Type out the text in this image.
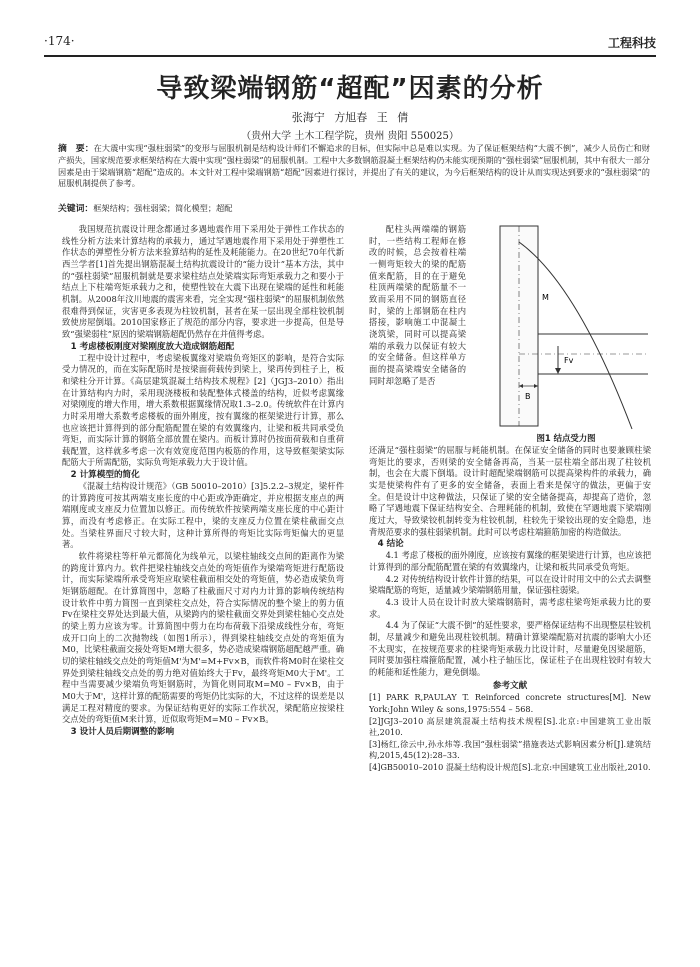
·174·	工程科技
导致梁端钢筋“超配”因素的分析
张海宁 方旭春 王 倩
（贵州大学 土木工程学院，贵州 贵阳 550025）
摘　要：在大震中实现“强柱弱梁”的变形与屈服机制是结构设计师们不懈追求的目标，但实际中总是难以实现。为了保证框架结构“大震不倒”，减少人员伤亡和财产损失，国家规范要求框架结构在大震中实现“强柱弱梁”的屈服机制。工程中大多数钢筋混凝土框架结构仍未能实现预期的“强柱弱梁”屈服机制，其中有很大一部分因素是由于梁端钢筋“超配”造成的。本文针对工程中梁端钢筋“超配”因素进行探讨，并提出了有关的建议，为今后框架结构的设计从而实现达到要求的“强柱弱梁”的屈服机制提供了参考。
关键词：框架结构；强柱弱梁；简化模型；超配

我国规范抗震设计理念都通过多遇地震作用下采用处于弹性工作状态的线性分析方法来计算结构的承载力，通过罕遇地震作用下采用处于弹塑性工作状态的弹塑性分析方法来验算结构的延性及耗能能力。在20世纪70年代新西兰学者[1]首先提出钢筋混凝土结构抗震设计的“能力设计”基本方法，其中的“强柱弱梁”屈服机制就是要求梁柱结点处梁端实际弯矩承载力之和要小于结点上下柱端弯矩承载力之和，使塑性铰在大震下出现在梁端的延性和耗能机制。从2008年汶川地震的震害来看，完全实现“强柱弱梁”的屈服机制依然很难得到保证，灾害更多表现为柱铰机制，甚者在某一层出现全部柱铰机制致使房屋倒塌。2010国家修正了规范的部分内容，要求进一步提高，但是导致“强梁弱柱”原因的梁端钢筋超配仍然存在并值得考虑。

1 考虑楼板刚度对梁刚度放大造成钢筋超配

工程中设计过程中，考虑梁板翼缘对梁端负弯矩区的影响，是符合实际受力情况的，而在实际配筋时是按梁面荷载传到梁上，梁再传到柱子上，板和梁柱分开计算。《高层建筑混凝土结构技术规程》[2]（JGJ3–2010）指出在计算结构内力时，采用现浇楼板和装配整体式楼盖的结构，近似考虑翼缘对梁刚度的增大作用，增大系数根据翼缘情况取1.3–2.0。传统软件在计算内力时采用增大系数考虑楼板的面外刚度，按有翼缘的框架梁进行计算，那么也应该把计算得到的部分配筋配置在梁的有效翼缘内，让梁和板共同承受负弯矩，而实际计算的钢筋全部放置在梁内。而板计算时仍按面荷载和自重荷载配置，这样就多考虑一次有效宽度范围内板筋的作用，这导致框架梁实际配筋大于所需配筋，实际负弯矩承载力大于设计值。

2 计算模型的简化

《混凝土结构设计规范》（GB 50010–2010）[3]5.2.2–3规定，梁杆件的计算跨度可按其两端支座长度的中心距或净距确定，并应根据支座点的两端刚度或支座反力位置加以修正。而传统软件按梁两端支座长度的中心距计算，而没有考虑修正。在实际工程中，梁的支座反力位置在梁柱截面交点处。当梁柱界面尺寸较大时，这种计算所得的弯矩比实际弯矩偏大的更显著。

软件将梁柱等杆单元都简化为线单元，以梁柱轴线交点间的距离作为梁的跨度计算内力。软件把梁柱轴线交点处的弯矩值作为梁端弯矩进行配筋设计，而实际梁端所承受弯矩应取梁柱截面相交处的弯矩值，势必造成梁负弯矩钢筋超配。在计算简图中，忽略了柱截面尺寸对内力计算的影响传统结构设计软件中剪力简图一直到梁柱交点处，符合实际情况的整个梁上的剪力值Fv在梁柱交界处达到最大值，从梁跨内的梁柱截面交界处到梁柱轴心交点处的梁上剪力应该为零。计算简图中剪力在均布荷载下沿梁成线性分布，弯矩成开口向上的二次抛物线（如图1所示），得到梁柱轴线交点处的弯矩值为M0，比梁柱截面交接处弯矩M增大很多，势必造成梁端钢筋超配越严重。确切的梁柱轴线交点处的弯矩值M'为M'=M+Fv×B，而软件将M0时在梁柱交界处到梁柱轴线交点处的剪力绝对值始终大于Fv，最终弯矩M0大于M'。工程中当需要减少梁端负弯矩钢筋时，为简化则同取M=M0 – Fv×B，由于M0大于M'，这样计算的配筋需要的弯矩仍比实际的大，不过这样的误差是以满足工程对精度的要求。为保证结构更好的实际工作状况，梁配筋应按梁柱交点处的弯矩值M来计算，近似取弯矩M=M0 – Fv×B。

3 设计人员后期调整的影响

配柱头两端端的钢筋时，一些结构工程师在修改的时候，总会按着柱端一侧弯矩较大的梁的配筋值来配筋，目的在于避免柱顶两端梁的配筋量不一致而采用不同的钢筋直径时，梁的上部钢筋在柱内搭接，影响施工中混凝土浇筑梁，同时可以提高梁端的承载力以保证有较大的安全储备。但这样单方面的提高梁端安全储备的同时却忽略了是否

Fv
M
B
图1 结点受力图

还满足“强柱弱梁”的屈服与耗能机制。在保证安全储备的同时也要兼顾柱梁弯矩比的要求，否则梁的安全储备再高，当某一层柱端全部出现了柱铰机制，也会在大震下倒塌。设计时超配梁端钢筋可以提高梁构件的承载力，确实是使梁构件有了更多的安全储备，表面上看来是保守的做法，更偏于安全。但是设计中这种做法，只保证了梁的安全储备提高，却提高了造价，忽略了罕遇地震下保证结构安全、合理耗能的机制，致使在罕遇地震下梁端刚度过大，导致梁铰机制转变为柱铰机制，柱较先于梁铰出现的安全隐患，违背规范要求的强柱弱梁机制。此时可以考虑柱端箍筋加密的构造做法。

4 结论

4.1 考虑了楼板的面外刚度，应该按有翼缘的框架梁进行计算，也应该把计算得到的部分配筋配置在梁的有效翼缘内，让梁和板共同承受负弯矩。

4.2 对传统结构设计软件计算的结果，可以在设计时用文中的公式去调整梁端配筋的弯矩，适量减少梁端钢筋用量，保证强柱弱梁。

4.3 设计人员在设计时放大梁端钢筋时，需考虑柱梁弯矩承载力比的要求。

4.4 为了保证“大震不倒”的延性要求，要严格保证结构不出现整层柱铰机制，尽量减少和避免出现柱铰机制。精确计算梁端配筋对抗震的影响大小还不太现实，在按规范要求的柱梁弯矩承载力比设计时，尽量避免因梁超筋，同时要加强柱端箍筋配置，减小柱子轴压比，保证柱子在出现柱铰时有较大的耗能和延性能力，避免倒塌。

参考文献

[1] PARK R,PAULAY T. Reinforced concrete structures[M]. New York:John Wiley & sons,1975:554 – 568.

[2]JGJ3–2010 高层建筑混凝土结构技术规程[S].北京:中国建筑工业出版社,2010.

[3]杨红,徐云中,孙永炜等.我国“强柱弱梁”措施表达式影响因素分析[J].建筑结构,2015,45(12):28–33.

[4]GB50010–2010 混凝土结构设计规范[S].北京:中国建筑工业出版社,2010.
